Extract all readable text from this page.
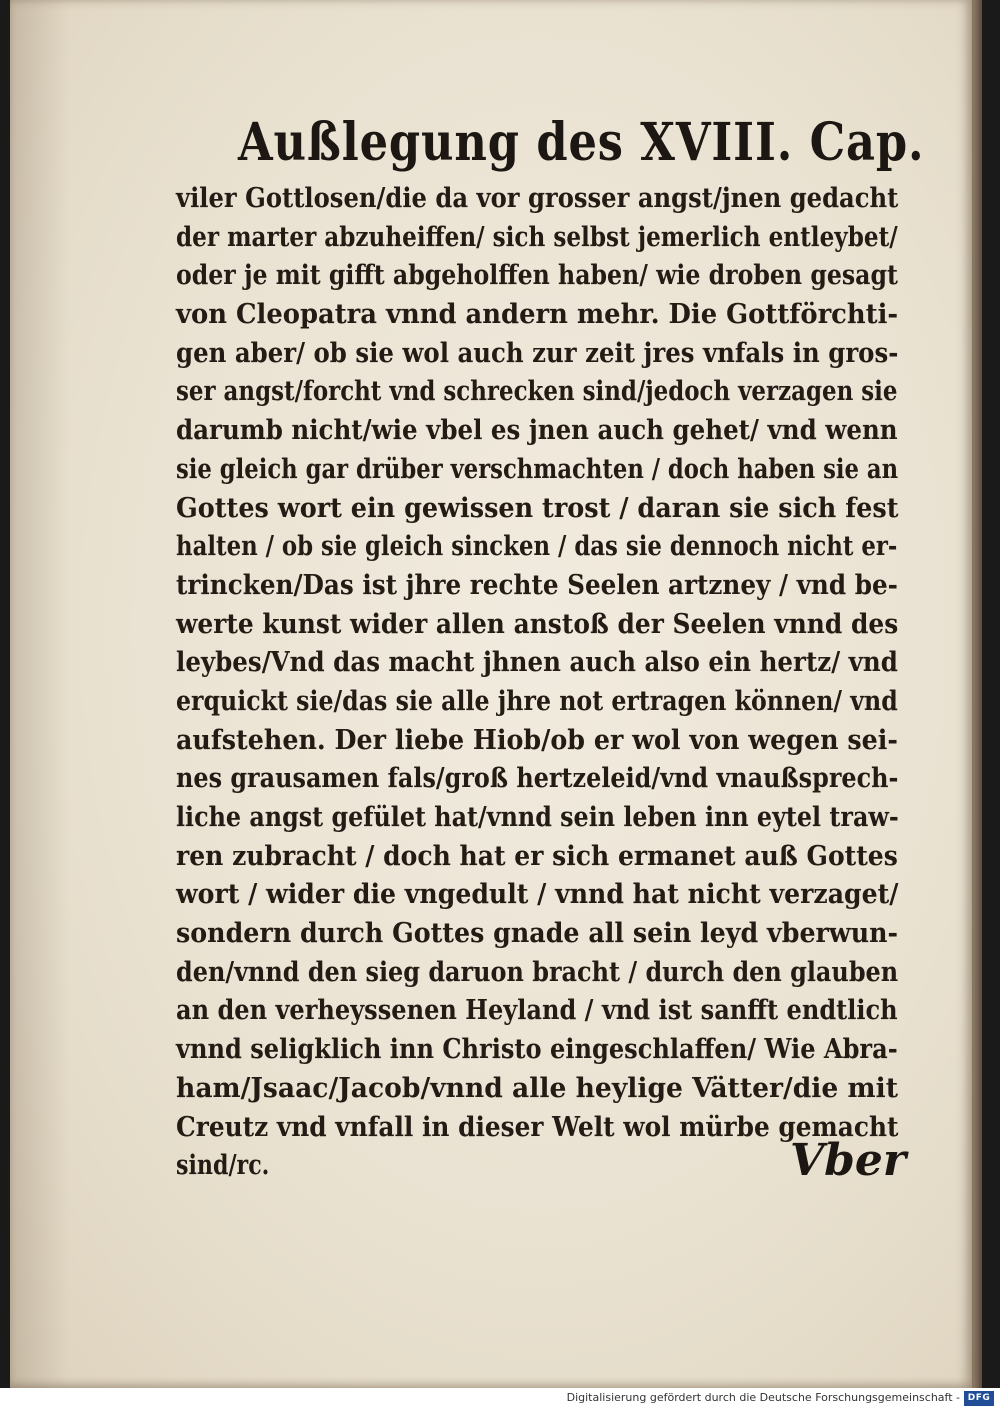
Außlegung des XVIII. Cap.
viler Gottlosen/die da vor grosser angst/jnen gedacht
der marter abzuheiffen/ sich selbst jemerlich entleybet/
oder je mit gifft abgeholffen haben/ wie droben gesagt
von Cleopatra vnnd andern mehr. Die Gottförchti-
gen aber/ ob sie wol auch zur zeit jres vnfals in gros-
ser angst/forcht vnd schrecken sind/jedoch verzagen sie
darumb nicht/wie vbel es jnen auch gehet/ vnd wenn
sie gleich gar drüber verschmachten / doch haben sie an
Gottes wort ein gewissen trost / daran sie sich fest
halten / ob sie gleich sincken / das sie dennoch nicht er-
trincken/Das ist jhre rechte Seelen artzney / vnd be-
werte kunst wider allen anstoß der Seelen vnnd des
leybes/Vnd das macht jhnen auch also ein hertz/ vnd
erquickt sie/das sie alle jhre not ertragen können/ vnd
aufstehen. Der liebe Hiob/ob er wol von wegen sei-
nes grausamen fals/groß hertzeleid/vnd vnaußsprech-
liche angst gefület hat/vnnd sein leben inn eytel traw-
ren zubracht / doch hat er sich ermanet auß Gottes
wort / wider die vngedult / vnnd hat nicht verzaget/
sondern durch Gottes gnade all sein leyd vberwun-
den/vnnd den sieg daruon bracht / durch den glauben
an den verheyssenen Heyland / vnd ist sanfft endtlich
vnnd seligklich inn Christo eingeschlaffen/ Wie Abra-
ham/Jsaac/Jacob/vnnd alle heylige Vätter/die mit
Creutz vnd vnfall in dieser Welt wol mürbe gemacht
sind/rc.	Vber
Digitalisierung gefördert durch die Deutsche Forschungsgemeinschaft - DFG
